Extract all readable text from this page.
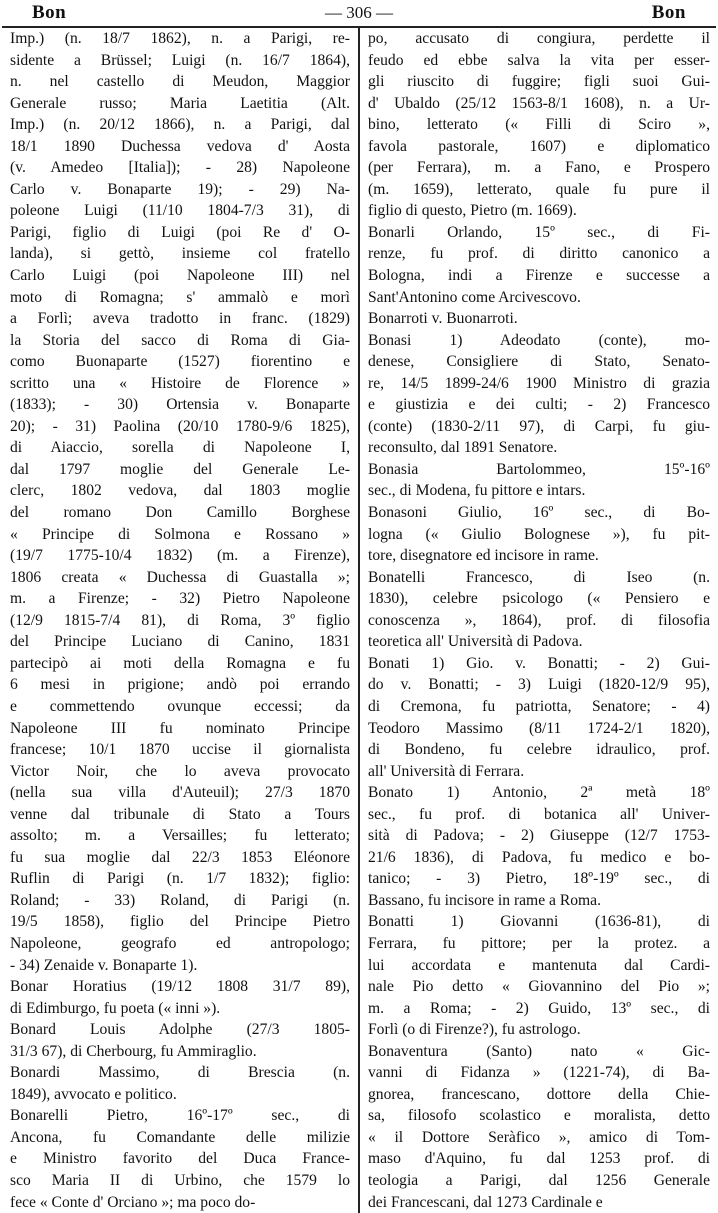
Bon	— 306 —	Bon
Imp.) (n. 18/7 1862), n. a Parigi, re-
sidente a Brüssel; Luigi (n. 16/7 1864),
n. nel castello di Meudon, Maggior
Generale russo; Maria Laetitia (Alt.
Imp.) (n. 20/12 1866), n. a Parigi, dal
18/1 1890 Duchessa vedova d' Aosta
(v. Amedeo [Italia]); - 28) Napoleone
Carlo v. Bonaparte 19); - 29) Na-
poleone Luigi (11/10 1804-7/3 31), di
Parigi, figlio di Luigi (poi Re d' O-
landa), si gettò, insieme col fratello
Carlo Luigi (poi Napoleone III) nel
moto di Romagna; s' ammalò e morì
a Forlì; aveva tradotto in franc. (1829)
la Storia del sacco di Roma di Gia-
como Buonaparte (1527) fiorentino e
scritto una « Histoire de Florence »
(1833); - 30) Ortensia v. Bonaparte
20); - 31) Paolina (20/10 1780-9/6 1825),
di Aiaccio, sorella di Napoleone I,
dal 1797 moglie del Generale Le-
clerc, 1802 vedova, dal 1803 moglie
del romano Don Camillo Borghese
« Principe di Solmona e Rossano »
(19/7 1775-10/4 1832) (m. a Firenze),
1806 creata « Duchessa di Guastalla »;
m. a Firenze; - 32) Pietro Napoleone
(12/9 1815-7/4 81), di Roma, 3º figlio
del Principe Luciano di Canino, 1831
partecipò ai moti della Romagna e fu
6 mesi in prigione; andò poi errando
e commettendo ovunque eccessi; da
Napoleone III fu nominato Principe
francese; 10/1 1870 uccise il giornalista
Victor Noir, che lo aveva provocato
(nella sua villa d'Auteuil); 27/3 1870
venne dal tribunale di Stato a Tours
assolto; m. a Versailles; fu letterato;
fu sua moglie dal 22/3 1853 Eléonore
Ruflin di Parigi (n. 1/7 1832); figlio:
Roland; - 33) Roland, di Parigi (n.
19/5 1858), figlio del Principe Pietro
Napoleone, geografo ed antropologo;
- 34) Zenaide v. Bonaparte 1).
Bonar Horatius (19/12 1808 31/7 89),
di Edimburgo, fu poeta (« inni »).
Bonard Louis Adolphe (27/3 1805-
31/3 67), di Cherbourg, fu Ammiraglio.
Bonardi Massimo, di Brescia (n.
1849), avvocato e politico.
Bonarelli Pietro, 16º-17º sec., di
Ancona, fu Comandante delle milizie
e Ministro favorito del Duca France-
sco Maria II di Urbino, che 1579 lo
fece « Conte d' Orciano »; ma poco do-
po, accusato di congiura, perdette il
feudo ed ebbe salva la vita per esser-
gli riuscito di fuggire; figli suoi Gui-
d' Ubaldo (25/12 1563-8/1 1608), n. a Ur-
bino, letterato (« Filli di Sciro »,
favola pastorale, 1607) e diplomatico
(per Ferrara), m. a Fano, e Prospero
(m. 1659), letterato, quale fu pure il
figlio di questo, Pietro (m. 1669).
Bonarli Orlando, 15º sec., di Fi-
renze, fu prof. di diritto canonico a
Bologna, indi a Firenze e successe a
Sant'Antonino come Arcivescovo.
Bonarroti v. Buonarroti.
Bonasi 1) Adeodato (conte), mo-
denese, Consigliere di Stato, Senato-
re, 14/5 1899-24/6 1900 Ministro di grazia
e giustizia e dei culti; - 2) Francesco
(conte) (1830-2/11 97), di Carpi, fu giu-
reconsulto, dal 1891 Senatore.
Bonasia Bartolommeo, 15º-16º
sec., di Modena, fu pittore e intars.
Bonasoni Giulio, 16º sec., di Bo-
logna (« Giulio Bolognese »), fu pit-
tore, disegnatore ed incisore in rame.
Bonatelli Francesco, di Iseo (n.
1830), celebre psicologo (« Pensiero e
conoscenza », 1864), prof. di filosofia
teoretica all' Università di Padova.
Bonati 1) Gio. v. Bonatti; - 2) Gui-
do v. Bonatti; - 3) Luigi (1820-12/9 95),
di Cremona, fu patriotta, Senatore; - 4)
Teodoro Massimo (8/11 1724-2/1 1820),
di Bondeno, fu celebre idraulico, prof.
all' Università di Ferrara.
Bonato 1) Antonio, 2ª metà 18º
sec., fu prof. di botanica all' Univer-
sità di Padova; - 2) Giuseppe (12/7 1753-
21/6 1836), di Padova, fu medico e bo-
tanico; - 3) Pietro, 18º-19º sec., di
Bassano, fu incisore in rame a Roma.
Bonatti 1) Giovanni (1636-81), di
Ferrara, fu pittore; per la protez. a
lui accordata e mantenuta dal Cardi-
nale Pio detto « Giovannino del Pio »;
m. a Roma; - 2) Guido, 13º sec., di
Forlì (o di Firenze?), fu astrologo.
Bonaventura (Santo) nato « Gic-
vanni di Fidanza » (1221-74), di Ba-
gnorea, francescano, dottore della Chie-
sa, filosofo scolastico e moralista, detto
« il Dottore Seràfico », amico di Tom-
maso d'Aquino, fu dal 1253 prof. di
teologia a Parigi, dal 1256 Generale
dei Francescani, dal 1273 Cardinale e
